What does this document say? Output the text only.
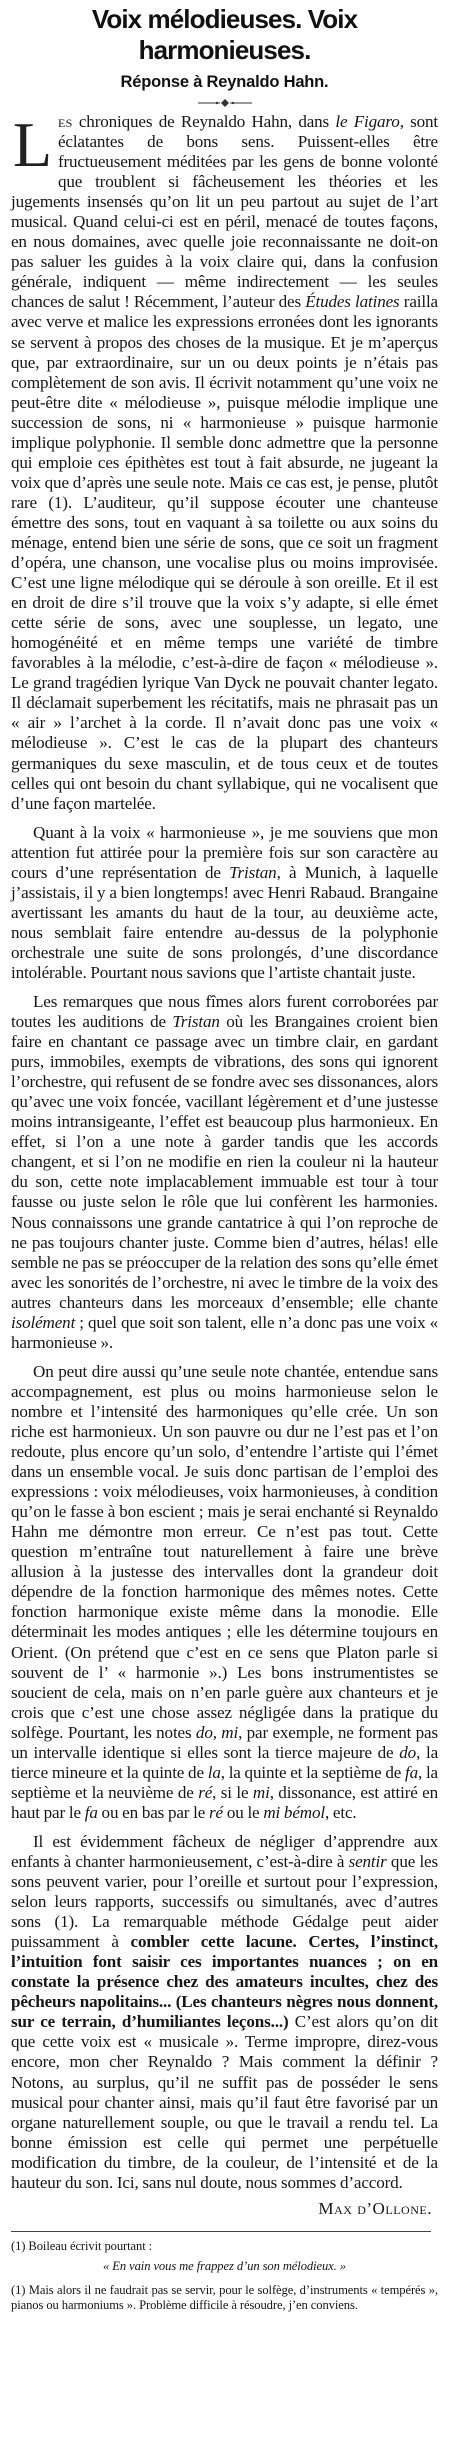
Voix mélodieuses. Voix harmonieuses.
Réponse à Reynaldo Hahn.

Les chroniques de Reynaldo Hahn, dans le Figaro, sont éclatantes de bons sens. Puissent-elles être fructueusement méditées par les gens de bonne volonté que troublent si fâcheusement les théories et les jugements insensés qu’on lit un peu partout au sujet de l’art musical. Quand celui-ci est en péril, menacé de toutes façons, en nous domaines, avec quelle joie reconnaissante ne doit-on pas saluer les guides à la voix claire qui, dans la confusion générale, indiquent — même indirectement — les seules chances de salut ! Récemment, l’auteur des Études latines railla avec verve et malice les expressions erronées dont les ignorants se servent à propos des choses de la musique. Et je m’aperçus que, par extraordinaire, sur un ou deux points je n’étais pas complètement de son avis. Il écrivit notamment qu’une voix ne peut-être dite « mélodieuse », puisque mélodie implique une succession de sons, ni « harmonieuse » puisque harmonie implique polyphonie. Il semble donc admettre que la personne qui emploie ces épithètes est tout à fait absurde, ne jugeant la voix que d’après une seule note. Mais ce cas est, je pense, plutôt rare (1). L’auditeur, qu’il suppose écouter une chanteuse émettre des sons, tout en vaquant à sa toilette ou aux soins du ménage, entend bien une série de sons, que ce soit un fragment d’opéra, une chanson, une vocalise plus ou moins improvisée. C’est une ligne mélodique qui se déroule à son oreille. Et il est en droit de dire s’il trouve que la voix s’y adapte, si elle émet cette série de sons, avec une souplesse, un legato, une homogénéité et en même temps une variété de timbre favorables à la mélodie, c’est-à-dire de façon « mélodieuse ». Le grand tragédien lyrique Van Dyck ne pouvait chanter legato. Il déclamait superbement les récitatifs, mais ne phrasait pas un « air » l’archet à la corde. Il n’avait donc pas une voix « mélodieuse ». C’est le cas de la plupart des chanteurs germaniques du sexe masculin, et de tous ceux et de toutes celles qui ont besoin du chant syllabique, qui ne vocalisent que d’une façon martelée.

Quant à la voix « harmonieuse », je me souviens que mon attention fut attirée pour la première fois sur son caractère au cours d’une représentation de Tristan, à Munich, à laquelle j’assistais, il y a bien longtemps! avec Henri Rabaud. Brangaine avertissant les amants du haut de la tour, au deuxième acte, nous semblait faire entendre au-dessus de la polyphonie orchestrale une suite de sons prolongés, d’une discordance intolérable. Pourtant nous savions que l’artiste chantait juste.

Les remarques que nous fîmes alors furent corroborées par toutes les auditions de Tristan où les Brangaines croient bien faire en chantant ce passage avec un timbre clair, en gardant purs, immobiles, exempts de vibrations, des sons qui ignorent l’orchestre, qui refusent de se fondre avec ses dissonances, alors qu’avec une voix foncée, vacillant légèrement et d’une justesse moins intransigeante, l’effet est beaucoup plus harmonieux. En effet, si l’on a une note à garder tandis que les accords changent, et si l’on ne modifie en rien la couleur ni la hauteur du son, cette note implacablement immuable est tour à tour fausse ou juste selon le rôle que lui confèrent les harmonies. Nous connaissons une grande cantatrice à qui l’on reproche de ne pas toujours chanter juste. Comme bien d’autres, hélas! elle semble ne pas se préoccuper de la relation des sons qu’elle émet avec les sonorités de l’orchestre, ni avec le timbre de la voix des autres chanteurs dans les morceaux d’ensemble; elle chante isolément ; quel que soit son talent, elle n’a donc pas une voix « harmonieuse ».

On peut dire aussi qu’une seule note chantée, entendue sans accompagnement, est plus ou moins harmonieuse selon le nombre et l’intensité des harmoniques qu’elle crée. Un son riche est harmonieux. Un son pauvre ou dur ne l’est pas et l’on redoute, plus encore qu’un solo, d’entendre l’artiste qui l’émet dans un ensemble vocal. Je suis donc partisan de l’emploi des expressions : voix mélodieuses, voix harmonieuses, à condition qu’on le fasse à bon escient ; mais je serai enchanté si Reynaldo Hahn me démontre mon erreur. Ce n’est pas tout. Cette question m’entraîne tout naturellement à faire une brève allusion à la justesse des intervalles dont la grandeur doit dépendre de la fonction harmonique des mêmes notes. Cette fonction harmonique existe même dans la monodie. Elle déterminait les modes antiques ; elle les détermine toujours en Orient. (On prétend que c’est en ce sens que Platon parle si souvent de l’ « harmonie ».) Les bons instrumentistes se soucient de cela, mais on n’en parle guère aux chanteurs et je crois que c’est une chose assez négligée dans la pratique du solfège. Pourtant, les notes do, mi, par exemple, ne forment pas un intervalle identique si elles sont la tierce majeure de do, la tierce mineure et la quinte de la, la quinte et la septième de fa, la septième et la neuvième de ré, si le mi, dissonance, est attiré en haut par le fa ou en bas par le ré ou le mi bémol, etc.

Il est évidemment fâcheux de négliger d’apprendre aux enfants à chanter harmonieusement, c’est-à-dire à sentir que les sons peuvent varier, pour l’oreille et surtout pour l’expression, selon leurs rapports, successifs ou simultanés, avec d’autres sons (1). La remarquable méthode Gédalge peut aider puissamment à combler cette lacune. Certes, l’instinct, l’intuition font saisir ces importantes nuances ; on en constate la présence chez des amateurs incultes, chez des pêcheurs napolitains... (Les chanteurs nègres nous donnent, sur ce terrain, d’humiliantes leçons...) C’est alors qu’on dit que cette voix est « musicale ». Terme impropre, direz-vous encore, mon cher Reynaldo ? Mais comment la définir ? Notons, au surplus, qu’il ne suffit pas de posséder le sens musical pour chanter ainsi, mais qu’il faut être favorisé par un organe naturellement souple, ou que le travail a rendu tel. La bonne émission est celle qui permet une perpétuelle modification du timbre, de la couleur, de l’intensité et de la hauteur du son. Ici, sans nul doute, nous sommes d’accord.

Max d’Ollone.

(1) Boileau écrivit pourtant :

« En vain vous me frappez d’un son mélodieux. »

(1) Mais alors il ne faudrait pas se servir, pour le solfège, d’instruments « tempérés », pianos ou harmoniums ». Problème difficile à résoudre, j’en conviens.
